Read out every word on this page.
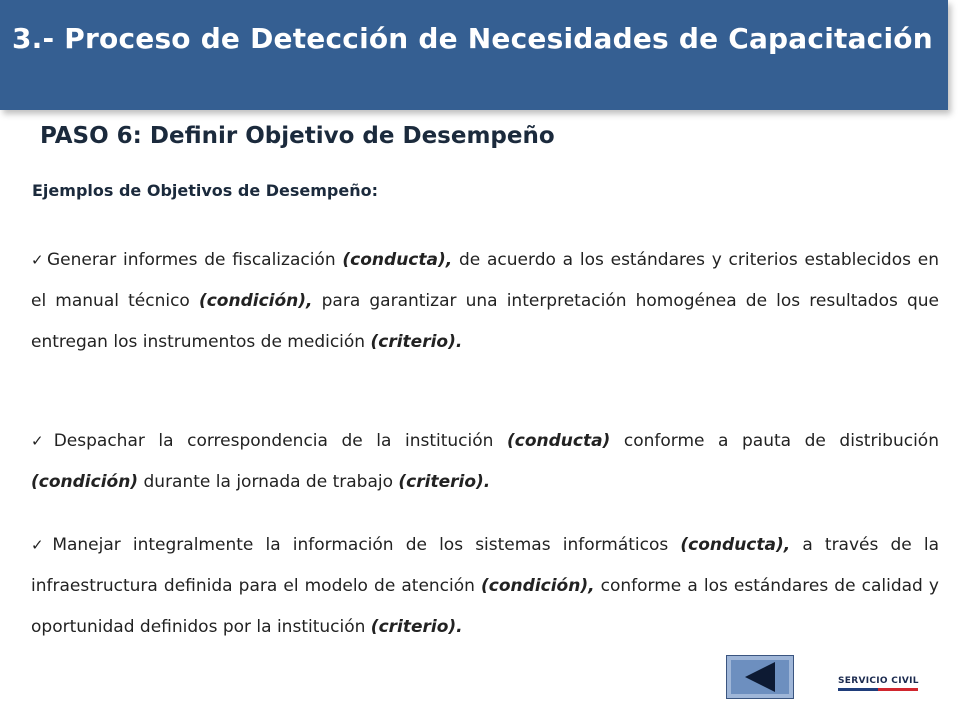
3.- Proceso de Detección de Necesidades de Capacitación
PASO 6: Definir Objetivo de Desempeño
Ejemplos de Objetivos de Desempeño:
✓ Generar informes de fiscalización (conducta), de acuerdo a los estándares y criterios establecidos en el manual técnico (condición), para garantizar una interpretación homogénea de los resultados que entregan los instrumentos de medición (criterio).
✓ Despachar la correspondencia de la institución (conducta) conforme a pauta de distribución (condición) durante la jornada de trabajo (criterio).
✓ Manejar integralmente la información de los sistemas informáticos (conducta), a través de la infraestructura definida para el modelo de atención (condición), conforme a los estándares de calidad y oportunidad definidos por la institución (criterio).
SERVICIO CIVIL
